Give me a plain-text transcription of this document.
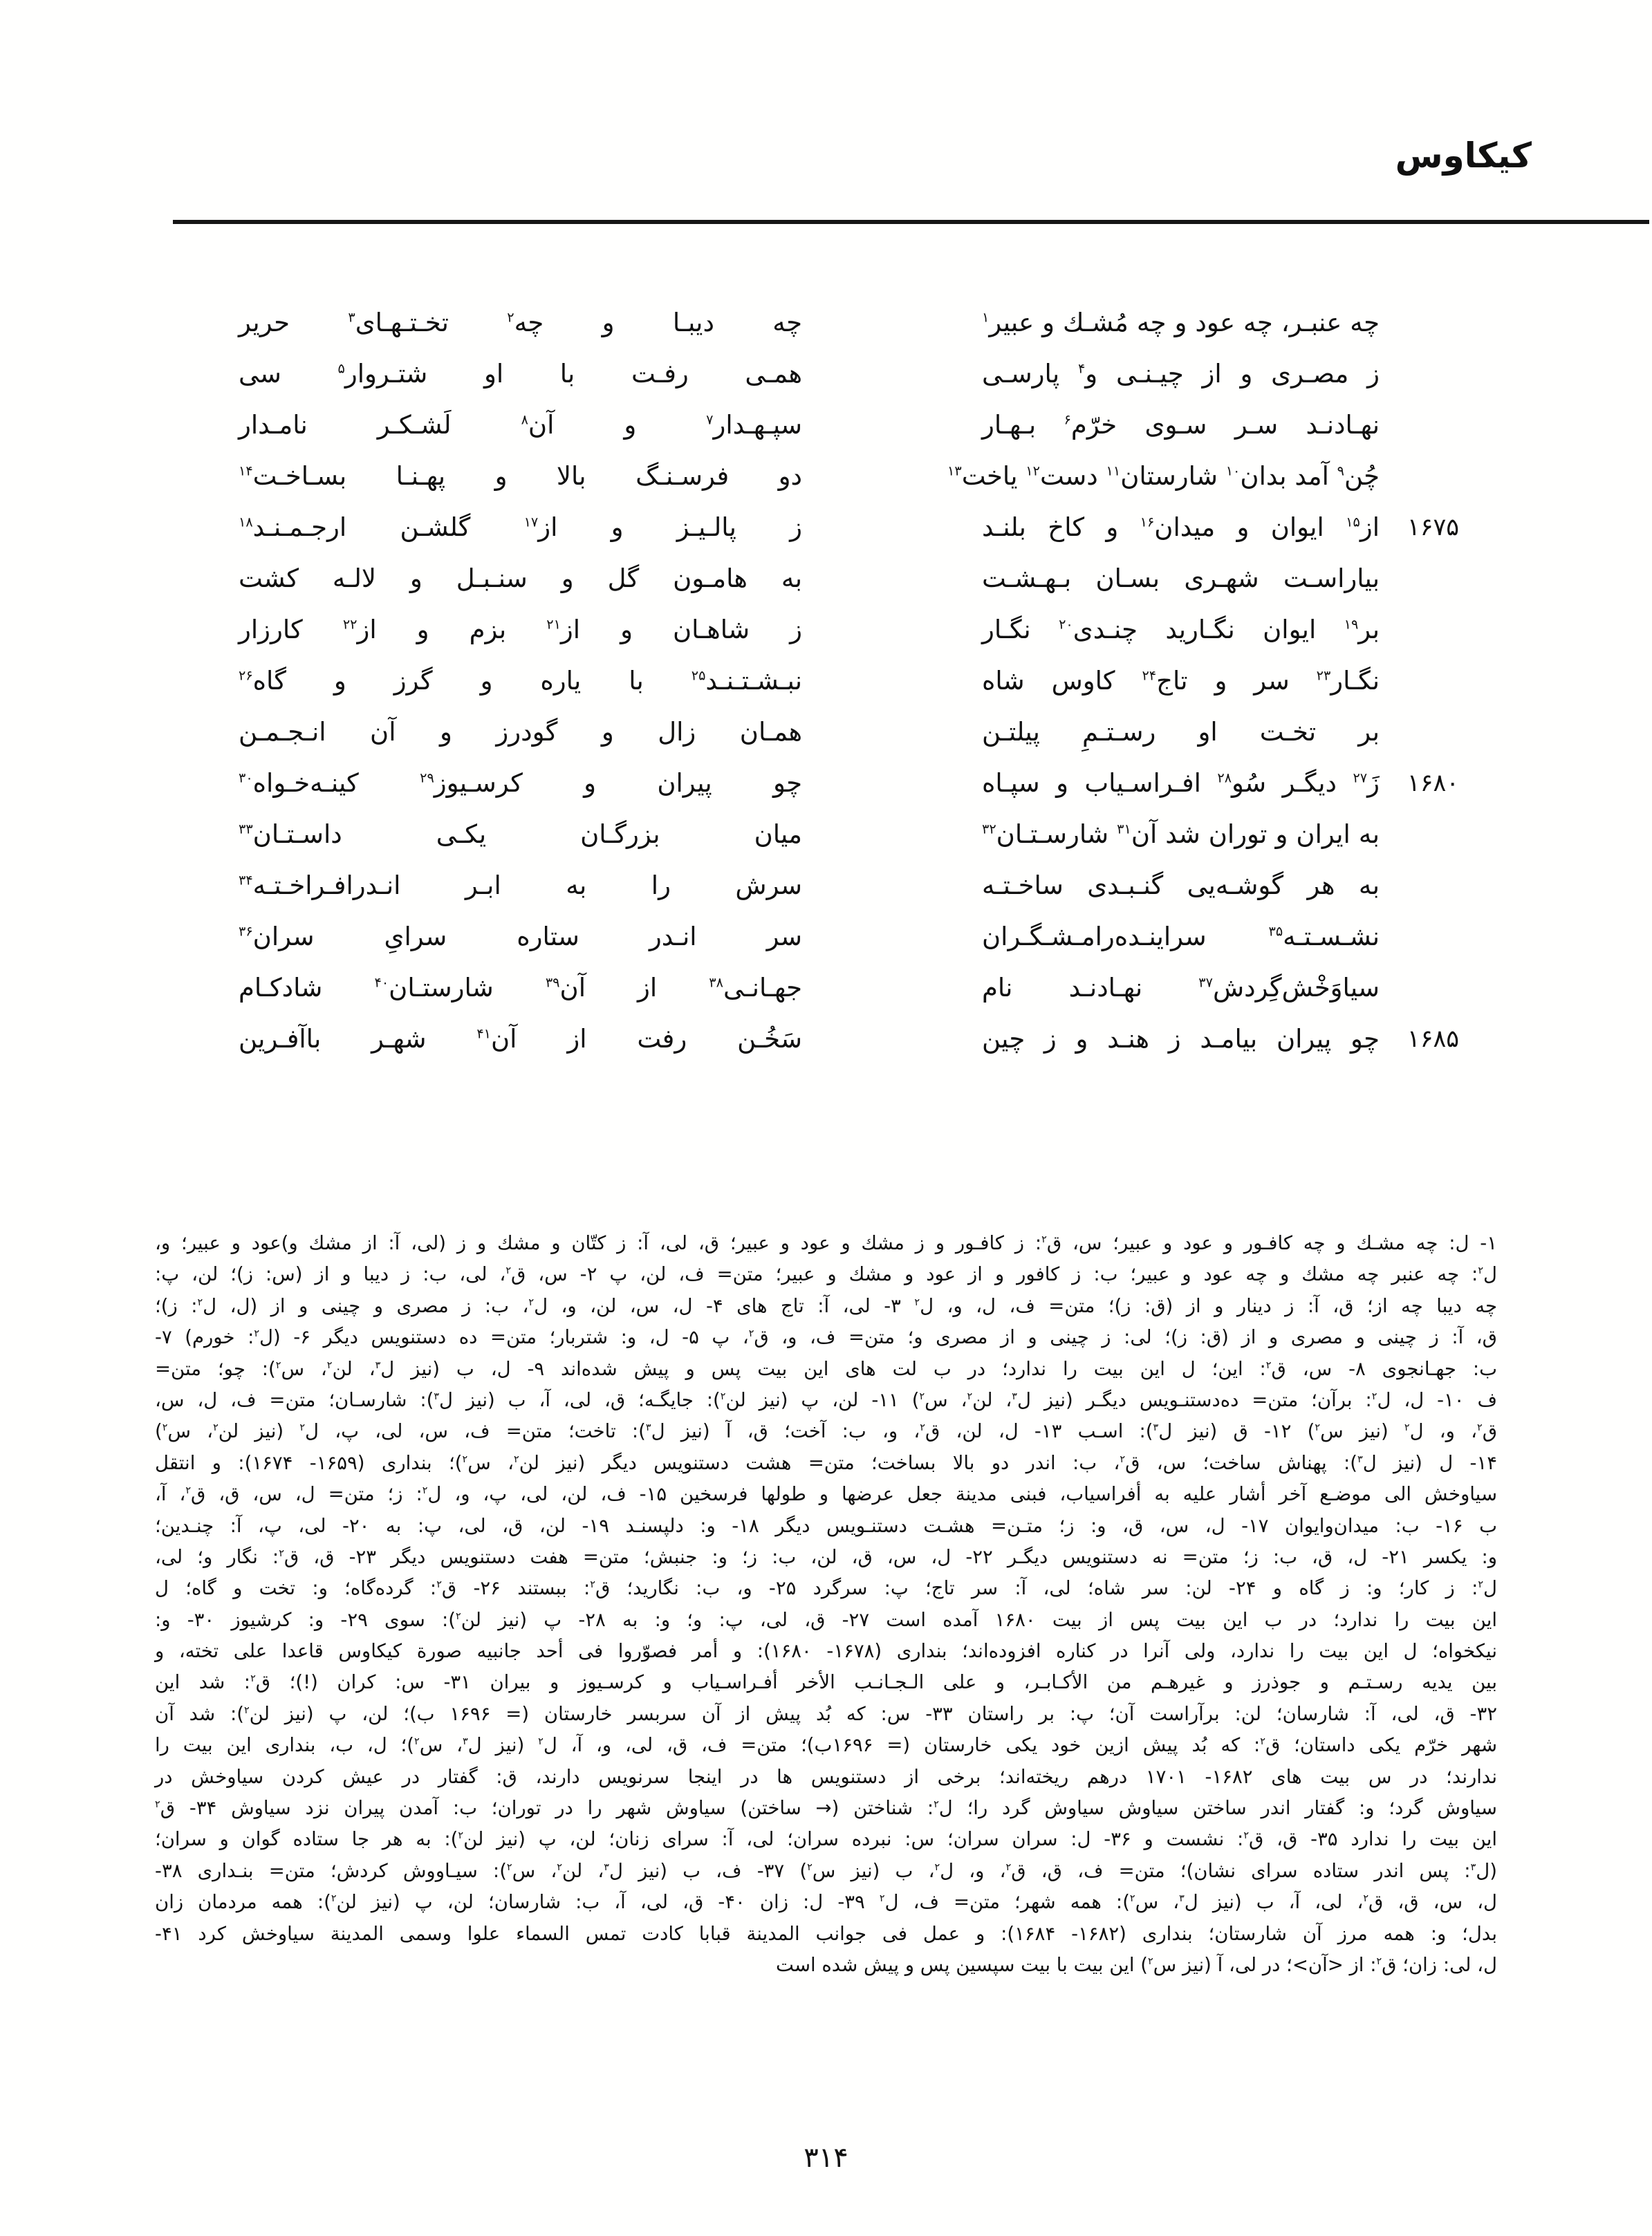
كيكاوس
چه عنبـر، چه عود و چه مُشـك و عبير$^۱$
چه ديبـا و چه$^۲$ تخـتـهـاى$^۳$ حرير
ز مصـرى و از چيـنـى و$^۴$ پارسـى
همـى رفـت با او شتـروار$^۵$ سى
نهـادنـد سـر سـوى خرّم$^۶$ بـهـار
سپـهـدار$^۷$ و آن$^۸$ لَشـكـر نامـدار
چُن$^۹$ آمد بدان$^{۱۰}$ شارستان$^{۱۱}$ دست$^{۱۲}$ ياخت$^{۱۳}$
دو فرسـنـگ بالا و پهـنـا بسـاخـت$^{۱۴}$
از$^{۱۵}$ ايوان و ميدان$^{۱۶}$ و كاخ بلنـد
ز پالـيـز و از$^{۱۷}$ گلشـن ارجـمـنـد$^{۱۸}$	۱۶۷۵
بياراسـت شهـرى بسـان بـهـشـت
به هامـون گل و سنـبـل و لالـه كشت
بر$^{۱۹}$ ايوان نگـاريد چنـدى$^{۲۰}$ نگـار
ز شاهـان و از$^{۲۱}$ بزم و از$^{۲۲}$ كارزار
نگـار$^{۲۳}$ سر و تاج$^{۲۴}$ كاوس شاه
نبـشـتـنـد$^{۲۵}$ با ياره و گرز و گاه$^{۲۶}$
بر تخـت او رسـتـمِ پيلتـن
همـان زال و گودرز و آن انـجـمـن
زَ$^{۲۷}$ ديگـر سُو$^{۲۸}$ افـراسـياب و سپـاه
چو پيران و كرسـيوز$^{۲۹}$ كينـه‌خـواه$^{۳۰}$	۱۶۸۰
به ايران و توران شد آن$^{۳۱}$ شارسـتـان$^{۳۲}$
ميان بزرگـان يكـى داسـتـان$^{۳۳}$
به هر گوشـه‌يى گنـبـدى ساخـتـه
سرش را به ابـر انـدرافـراخـتـه$^{۳۴}$
نشـسـتـه$^{۳۵}$ سراينـده‌رامـشـگـران
سر انـدر ستاره سراىِ سران$^{۳۶}$
سياوَخْش‌گِردش$^{۳۷}$ نهـادنـد نام
جهـانـى$^{۳۸}$ از آن$^{۳۹}$ شارستـان$^{۴۰}$ شادكـام
چو پيران بيامـد ز هنـد و ز چين
سَخُـن رفت از آن$^{۴۱}$ شهـر باآفـرين	۱۶۸۵
۱- ل: چه مشـك و چه كافـور و عود و عبير؛ س، ق$^۲$: ز كافـور و ز مشك و عود و عبير؛ ق، لى، آ: ز كتّان و مشك و ز (لى، آ: از مشك و)عود و عبير؛ و،
ل$^۲$: چه عنبر چه مشك و چه عود و عبير؛ ب: ز كافور و از عود و مشك و عبير؛ متن= ف، لن، پ ۲- س، ق$^۲$، لى، ب: ز ديبا و از (س: ز)؛ لن، پ:
چه ديبا چه از؛ ق، آ: ز دينار و از (ق: ز)؛ متن= ف، ل، و، ل$^۲$ ۳- لى، آ: تاج هاى ۴- ل، س، لن، و، ل$^۲$، ب: ز مصرى و چينى و از (ل، ل$^۲$: ز)؛
ق، آ: ز چينى و مصرى و از (ق: ز)؛ لى: ز چينى و از مصرى و؛ متن= ف، و، ق$^۲$، پ ۵- ل، و: شتربار؛ متن= ده دستنويس ديگر ۶- (ل$^۲$: خورم) ۷-
ب: جهـانجوى ۸- س، ق$^۲$: اين؛ ل اين بيت را ندارد؛ در ب لت هاى اين بيت پس و پيش شده‌اند ۹- ل، ب (نيز ل$^۳$، لن$^۲$، س$^۲$): چو؛ متن=
ف ۱۰- ل، ل$^۲$: برآن؛ متن= ده‌دستنـويس ديگـر (نيز ل$^۳$، لن$^۲$، س$^۲$) ۱۱- لن، پ (نيز لن$^۲$): جايگـه؛ ق، لى، آ، ب (نيز ل$^۳$): شارسـان؛ متن= ف، ل، س،
ق$^۲$، و، ل$^۲$ (نيز س$^۲$) ۱۲- ق (نيز ل$^۳$): اسـب ۱۳- ل، لن، ق$^۲$، و، ب: آخت؛ ق، آ (نيز ل$^۳$): تاخت؛ متن= ف، س، لى، پ، ل$^۲$ (نيز لن$^۲$، س$^۲$)
۱۴- ل (نيز ل$^۳$): پهناش ساخت؛ س، ق$^۲$، ب: اندر دو بالا بساخت؛ متن= هشت دستنويس ديگر (نيز لن$^۲$، س$^۲$)؛ بندارى (۱۶۵۹- ۱۶۷۴): و انتقل
سياوخش الى موضـع آخر أشار عليه به أفراسياب، فبنى مدينة جعل عرضها و طولها فرسخين ۱۵- ف، لن، لى، پ، و، ل$^۲$: ز؛ متن= ل، س، ق، ق$^۲$، آ،
ب ۱۶- ب: ميدان‌وايوان ۱۷- ل، س، ق، و: ز؛ متـن= هشـت دستنـويس ديگر ۱۸- و: دلپسنـد ۱۹- لن، ق، لى، پ: به ۲۰- لى، پ، آ: چنـدين؛
و: يكسر ۲۱- ل، ق، ب: ز؛ متن= نه دستنويس ديگـر ۲۲- ل، س، ق، لن، ب: ز؛ و: جنبش؛ متن= هفت دستنويس ديگر ۲۳- ق، ق$^۲$: نگار و؛ لى،
ل$^۲$: ز كار؛ و: ز گاه و ۲۴- لن: سر شاه؛ لى، آ: سر تاج؛ پ: سرگرد ۲۵- و، ب: نگاريد؛ ق$^۲$: ببستند ۲۶- ق$^۲$: گرده‌گاه؛ و: تخت و گاه؛ ل
اين بيت را ندارد؛ در ب اين بيت پس از بيت ۱۶۸۰ آمده است ۲۷- ق، لى، پ: و؛ و: به ۲۸- پ (نيز لن$^۲$): سوى ۲۹- و: كرشيوز ۳۰- و:
نيكخواه؛ ل اين بيت را ندارد، ولى آنرا در كناره افزوده‌اند؛ بندارى (۱۶۷۸- ۱۶۸۰): و أمر فصوّروا فى أحد جانبيه صورة كيكاوس قاعدا على تخته، و
بين يديه رسـتـم و جوذرز و غيرهـم من الأكـابـر، و على الـجـانـب الأخر أفـراسـياب و كرسـيوز و بيران ۳۱- س: كران (!)؛ ق$^۲$: شد اين
۳۲- ق، لى، آ: شارسان؛ لن: برآراست آن؛ پ: بر راستان ۳۳- س: كه بُد پيش از آن سربسر خارستان (= ۱۶۹۶ ب)؛ لن، پ (نيز لن$^۲$): شد آن
شهر خرّم يكى داستان؛ ق$^۲$: كه بُد پيش ازين خود يكى خارستان (= ۱۶۹۶ب)؛ متن= ف، ق، لى، و، آ، ل$^۲$ (نيز ل$^۳$، س$^۲$)؛ ل، ب، بندارى اين بيت را
ندارند؛ در س بيت هاى ۱۶۸۲- ۱۷۰۱ درهم ريخته‌اند؛ برخى از دستنويس ها در اينجا سرنويس دارند، ق: گفتار در عيش كردن سياوخش در
سياوش گرد؛ و: گفتار اندر ساختن سياوش سياوش گرد را؛ ل$^۲$: شناختن (→ ساختن) سياوش شهر را در توران؛ ب: آمدن پيران نزد سياوش ۳۴- ق$^۲$
اين بيت را ندارد ۳۵- ق، ق$^۲$: نشست و ۳۶- ل: سران سران؛ س: نبرده سران؛ لى، آ: سراى زنان؛ لن، پ (نيز لن$^۲$): به هر جا ستاده گوان و سران؛
(ل$^۳$: پس اندر ستاده سراى نشان)؛ متن= ف، ق، ق$^۲$، و، ل$^۲$، ب (نيز س$^۲$) ۳۷- ف، ب (نيز ل$^۳$، لن$^۲$، س$^۲$): سيـاووش كردش؛ متن= بنـدارى ۳۸-
ل، س، ق، ق$^۲$، لى، آ، ب (نيز ل$^۳$، س$^۲$): همه شهر؛ متن= ف، ل$^۲$ ۳۹- ل: زان ۴۰- ق، لى، آ، ب: شارسان؛ لن، پ (نيز لن$^۲$): همه مردمان زان
بدل؛ و: همه مرز آن شارستان؛ بندارى (۱۶۸۲- ۱۶۸۴): و عمل فى جوانب المدينة قبابا كادت تمس السماء علوا وسمى المدينة سياوخش كرد ۴۱-
ل، لى: زان؛ ق$^۲$: از <آن>؛ در لى، آ (نيز س$^۲$) اين بيت با بيت سپسين پس و پيش شده است
۳۱۴
